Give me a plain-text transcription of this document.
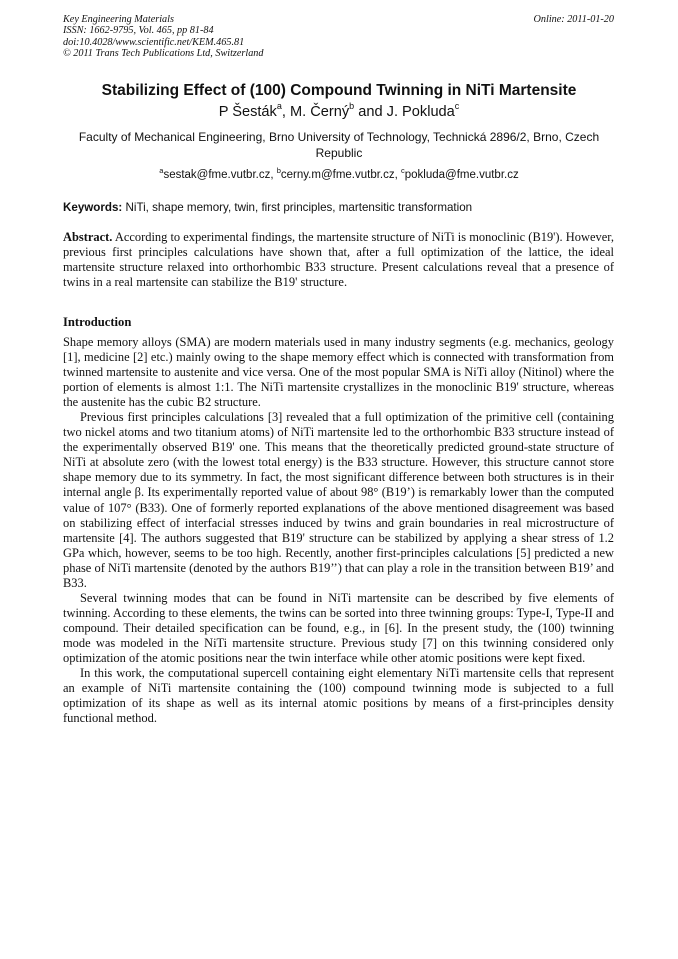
Key Engineering Materials
ISSN: 1662-9795, Vol. 465, pp 81-84
doi:10.4028/www.scientific.net/KEM.465.81
© 2011 Trans Tech Publications Ltd, Switzerland
Online: 2011-01-20
Stabilizing Effect of (100) Compound Twinning in NiTi Martensite
P Šesták$^a$, M. Černý$^b$ and J. Pokluda$^c$
Faculty of Mechanical Engineering, Brno University of Technology, Technická 2896/2, Brno, Czech Republic
$^a$sestak@fme.vutbr.cz, $^b$cerny.m@fme.vutbr.cz, $^c$pokluda@fme.vutbr.cz
Keywords: NiTi, shape memory, twin, first principles, martensitic transformation

Abstract. According to experimental findings, the martensite structure of NiTi is monoclinic (B19'). However, previous first principles calculations have shown that, after a full optimization of the lattice, the ideal martensite structure relaxed into orthorhombic B33 structure. Present calculations reveal that a presence of twins in a real martensite can stabilize the B19' structure.

Introduction

Shape memory alloys (SMA) are modern materials used in many industry segments (e.g. mechanics, geology [1], medicine [2] etc.) mainly owing to the shape memory effect which is connected with transformation from twinned martensite to austenite and vice versa. One of the most popular SMA is NiTi alloy (Nitinol) where the portion of elements is almost 1:1. The NiTi martensite crystallizes in the monoclinic B19' structure, whereas the austenite has the cubic B2 structure.

Previous first principles calculations [3] revealed that a full optimization of the primitive cell (containing two nickel atoms and two titanium atoms) of NiTi martensite led to the orthorhombic B33 structure instead of the experimentally observed B19' one. This means that the theoretically predicted ground-state structure of NiTi at absolute zero (with the lowest total energy) is the B33 structure. However, this structure cannot store shape memory due to its symmetry. In fact, the most significant difference between both structures is in their internal angle β. Its experimentally reported value of about 98° (B19’) is remarkably lower than the computed value of 107° (B33). One of formerly reported explanations of the above mentioned disagreement was based on stabilizing effect of interfacial stresses induced by twins and grain boundaries in real microstructure of martensite [4]. The authors suggested that B19' structure can be stabilized by applying a shear stress of 1.2 GPa which, however, seems to be too high. Recently, another first-principles calculations [5] predicted a new phase of NiTi martensite (denoted by the authors B19’’) that can play a role in the transition between B19’ and B33.

Several twinning modes that can be found in NiTi martensite can be described by five elements of twinning. According to these elements, the twins can be sorted into three twinning groups: Type-I, Type-II and compound. Their detailed specification can be found, e.g., in [6]. In the present study, the (100) twinning mode was modeled in the NiTi martensite structure. Previous study [7] on this twinning considered only optimization of the atomic positions near the twin interface while other atomic positions were kept fixed.

In this work, the computational supercell containing eight elementary NiTi martensite cells that represent an example of NiTi martensite containing the (100) compound twinning mode is subjected to a full optimization of its shape as well as its internal atomic positions by means of a first-principles density functional method.
